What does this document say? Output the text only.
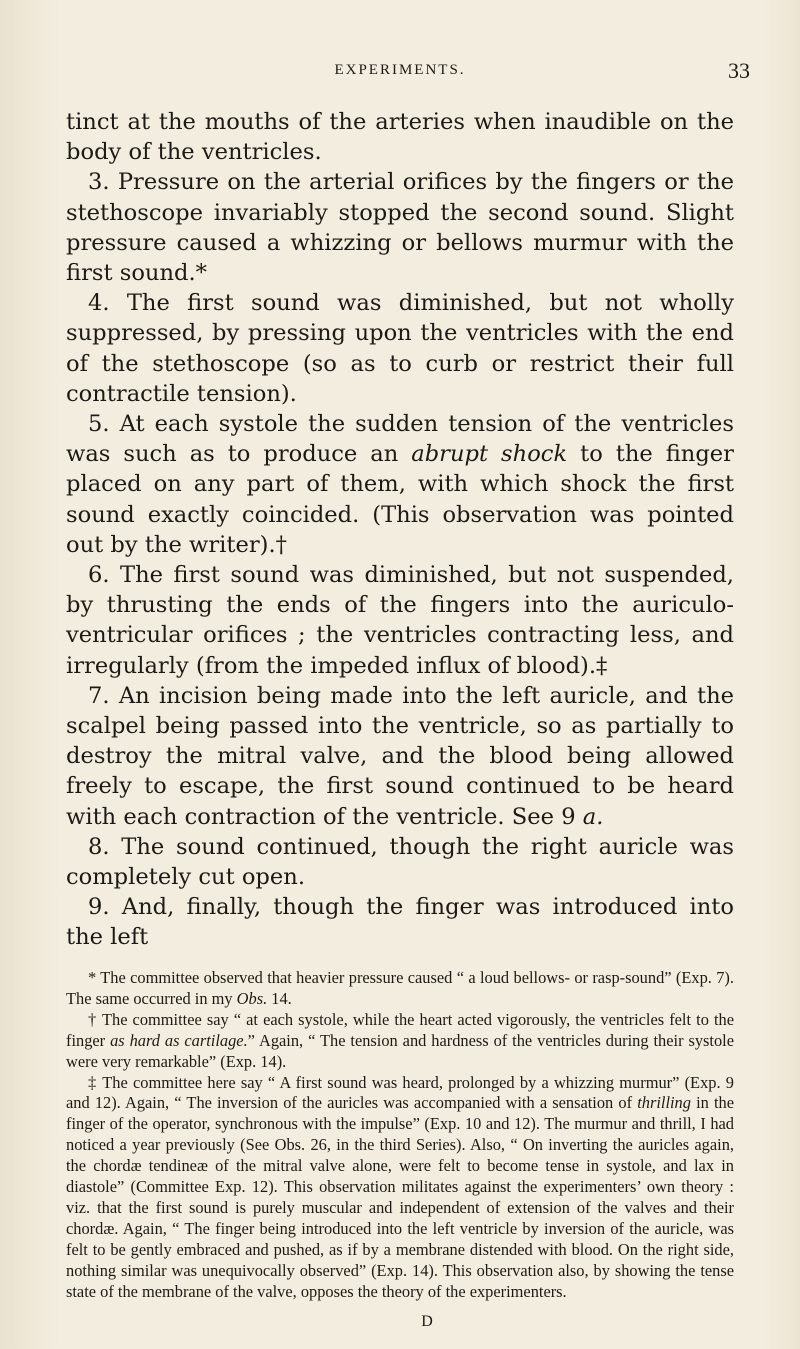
EXPERIMENTS.	33

tinct at the mouths of the arteries when inaudible on the body of the ventricles.

3. Pressure on the arterial orifices by the fingers or the stethoscope invariably stopped the second sound. Slight pressure caused a whizzing or bellows murmur with the first sound.*

4. The first sound was diminished, but not wholly suppressed, by pressing upon the ventricles with the end of the stethoscope (so as to curb or restrict their full contractile tension).

5. At each systole the sudden tension of the ventricles was such as to produce an abrupt shock to the finger placed on any part of them, with which shock the first sound exactly coincided. (This observation was pointed out by the writer).†

6. The first sound was diminished, but not suspended, by thrusting the ends of the fingers into the auriculo-ventricular orifices ; the ventricles contracting less, and irregularly (from the impeded influx of blood).‡

7. An incision being made into the left auricle, and the scalpel being passed into the ventricle, so as partially to destroy the mitral valve, and the blood being allowed freely to escape, the first sound continued to be heard with each contraction of the ventricle. See 9 a.

8. The sound continued, though the right auricle was completely cut open.

9. And, finally, though the finger was introduced into the left

* The committee observed that heavier pressure caused “ a loud bellows- or rasp-sound” (Exp. 7). The same occurred in my Obs. 14.

† The committee say “ at each systole, while the heart acted vigorously, the ventricles felt to the finger as hard as cartilage.” Again, “ The tension and hardness of the ventricles during their systole were very remarkable” (Exp. 14).

‡ The committee here say “ A first sound was heard, prolonged by a whizzing murmur” (Exp. 9 and 12). Again, “ The inversion of the auricles was accompanied with a sensation of thrilling in the finger of the operator, synchronous with the impulse” (Exp. 10 and 12). The murmur and thrill, I had noticed a year previously (See Obs. 26, in the third Series). Also, “ On inverting the auricles again, the chordæ tendineæ of the mitral valve alone, were felt to become tense in systole, and lax in diastole” (Committee Exp. 12). This observation militates against the experimenters’ own theory : viz. that the first sound is purely muscular and independent of extension of the valves and their chordæ. Again, “ The finger being introduced into the left ventricle by inversion of the auricle, was felt to be gently embraced and pushed, as if by a membrane distended with blood. On the right side, nothing similar was unequivocally observed” (Exp. 14). This observation also, by showing the tense state of the membrane of the valve, opposes the theory of the experimenters.

D
